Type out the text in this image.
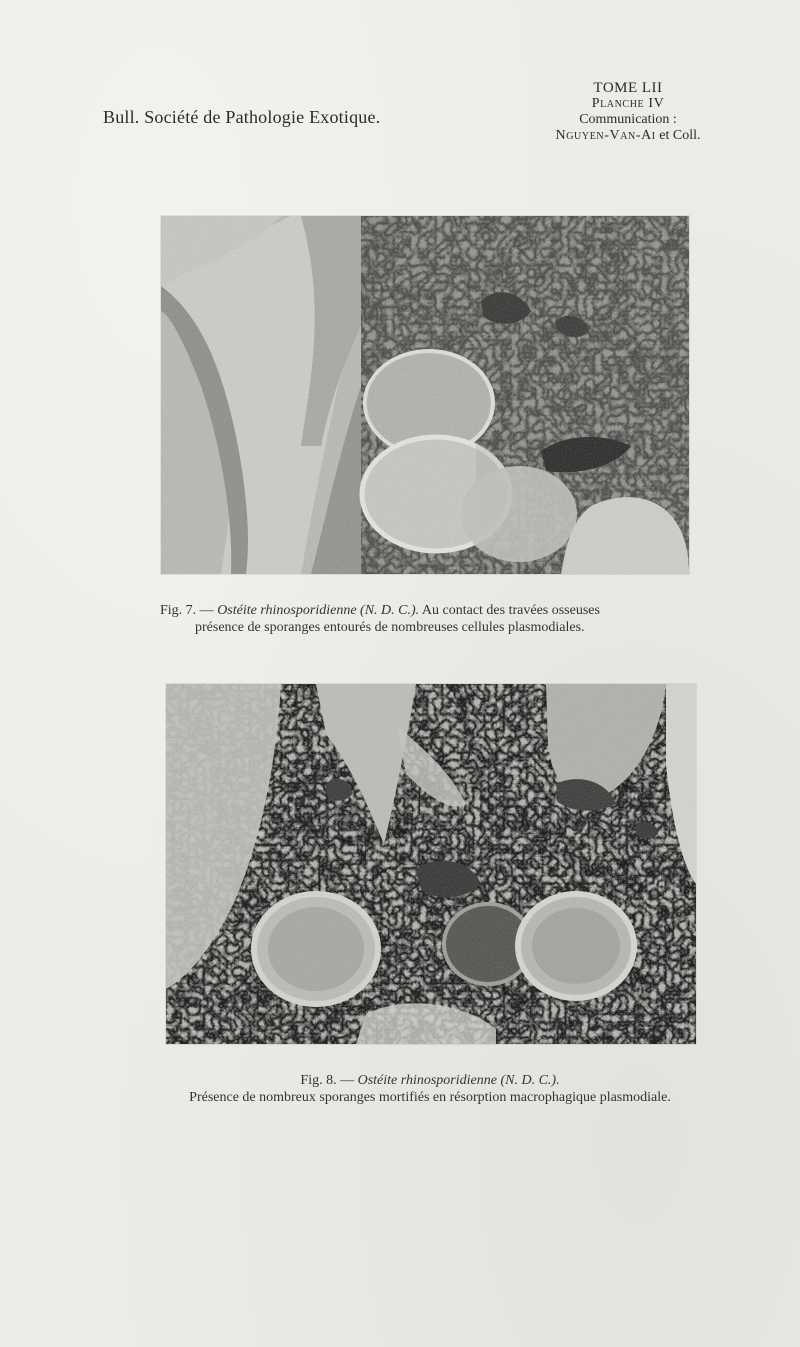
Bull. Société de Pathologie Exotique.
TOME LII
Planche IV
Communication :
Nguyen-Van-Ai et Coll.
Fig. 7. — Ostéite rhinosporidienne (N. D. C.). Au contact des travées osseuses
présence de sporanges entourés de nombreuses cellules plasmodiales.
Fig. 8. — Ostéite rhinosporidienne (N. D. C.).
Présence de nombreux sporanges mortifiés en résorption macrophagique plasmodiale.
